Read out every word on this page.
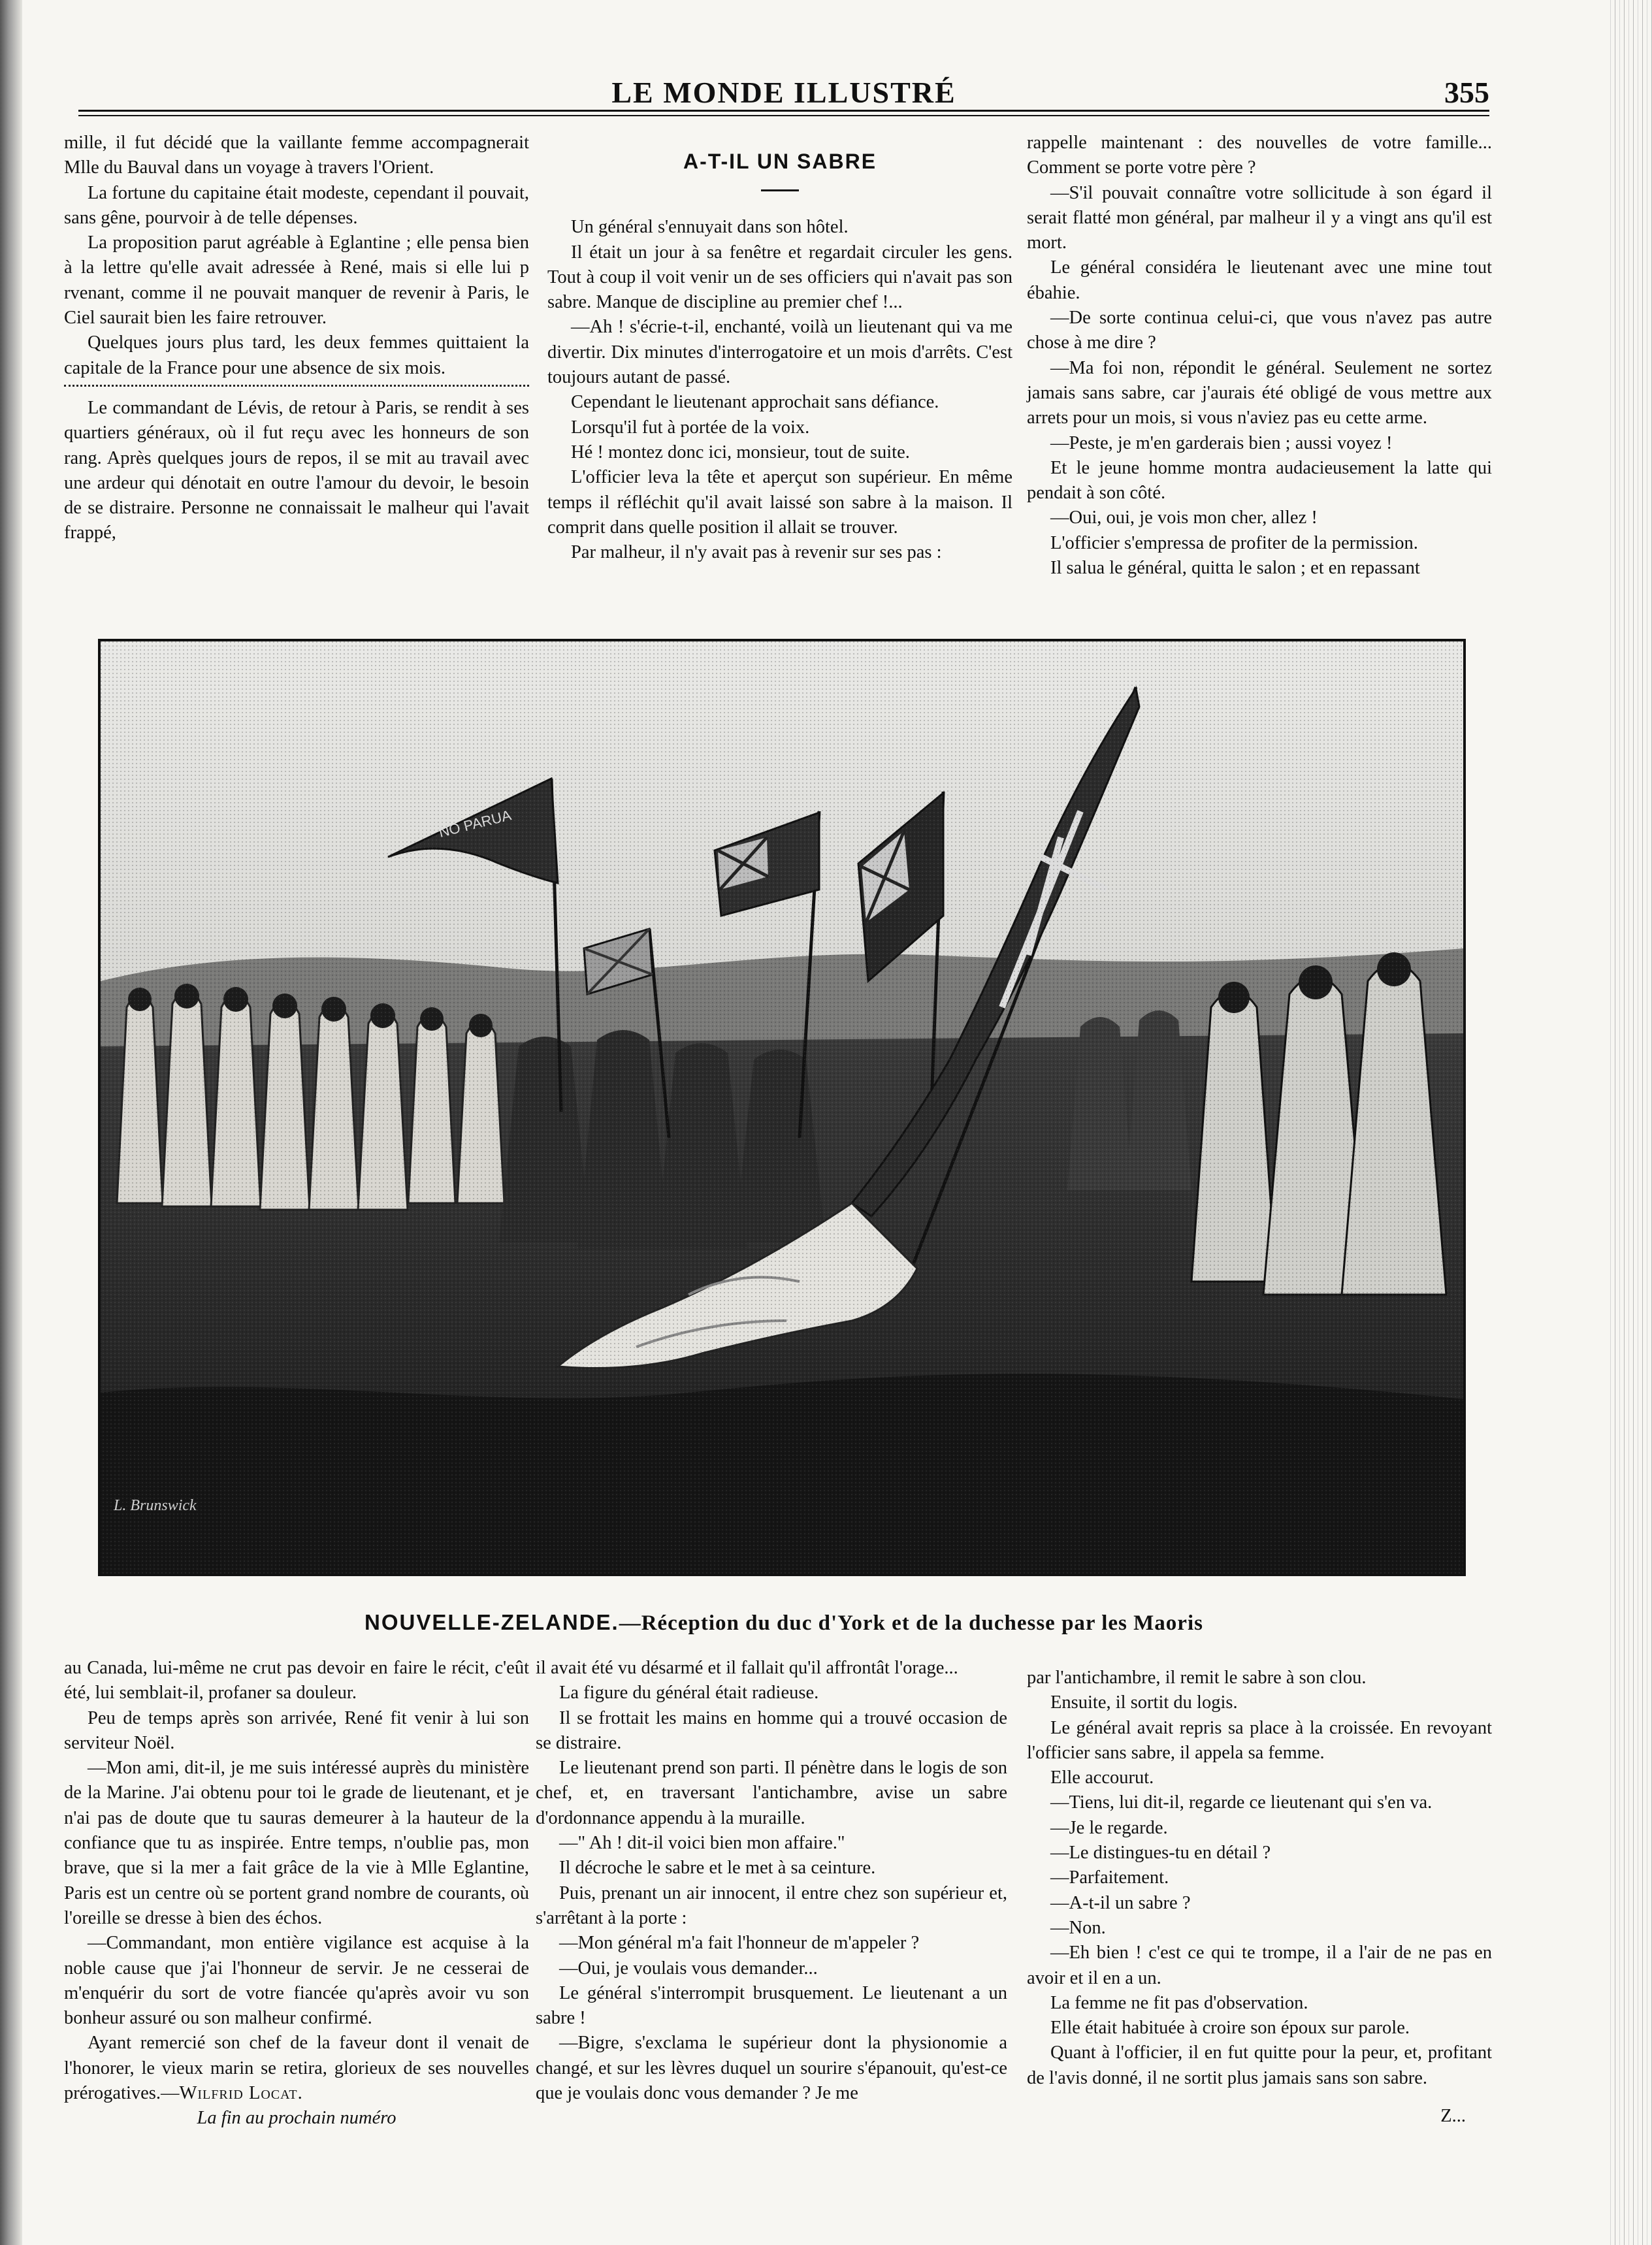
LE MONDE ILLUSTRÉ	355

mille, il fut décidé que la vaillante femme accompagnerait Mlle du Bauval dans un voyage à travers l'Orient.

La fortune du capitaine était modeste, cependant il pouvait, sans gêne, pourvoir à de telle dépenses.

La proposition parut agréable à Eglantine ; elle pensa bien à la lettre qu'elle avait adressée à René, mais si elle lui p rvenant, comme il ne pouvait manquer de revenir à Paris, le Ciel saurait bien les faire retrouver.

Quelques jours plus tard, les deux femmes quittaient la capitale de la France pour une absence de six mois.

Le commandant de Lévis, de retour à Paris, se rendit à ses quartiers généraux, où il fut reçu avec les honneurs de son rang. Après quelques jours de repos, il se mit au travail avec une ardeur qui dénotait en outre l'amour du devoir, le besoin de se distraire. Personne ne connaissait le malheur qui l'avait frappé,

A-T-IL UN SABRE

Un général s'ennuyait dans son hôtel.

Il était un jour à sa fenêtre et regardait circuler les gens. Tout à coup il voit venir un de ses officiers qui n'avait pas son sabre. Manque de discipline au premier chef !...

—Ah ! s'écrie-t-il, enchanté, voilà un lieutenant qui va me divertir. Dix minutes d'interrogatoire et un mois d'arrêts. C'est toujours autant de passé.

Cependant le lieutenant approchait sans défiance.

Lorsqu'il fut à portée de la voix.

Hé ! montez donc ici, monsieur, tout de suite.

L'officier leva la tête et aperçut son supérieur. En même temps il réfléchit qu'il avait laissé son sabre à la maison. Il comprit dans quelle position il allait se trouver.

Par malheur, il n'y avait pas à revenir sur ses pas :

rappelle maintenant : des nouvelles de votre famille... Comment se porte votre père ?

—S'il pouvait connaître votre sollicitude à son égard il serait flatté mon général, par malheur il y a vingt ans qu'il est mort.

Le général considéra le lieutenant avec une mine tout ébahie.

—De sorte continua celui-ci, que vous n'avez pas autre chose à me dire ?

—Ma foi non, répondit le général. Seulement ne sortez jamais sans sabre, car j'aurais été obligé de vous mettre aux arrets pour un mois, si vous n'aviez pas eu cette arme.

—Peste, je m'en garderais bien ; aussi voyez !

Et le jeune homme montra audacieusement la latte qui pendait à son côté.

—Oui, oui, je vois mon cher, allez !

L'officier s'empressa de profiter de la permission.

Il salua le général, quitta le salon ; et en repassant

L. Brunswick
NOUVELLE-ZELANDE.—Réception du duc d'York et de la duchesse par les Maoris

au Canada, lui-même ne crut pas devoir en faire le récit, c'eût été, lui semblait-il, profaner sa douleur.

Peu de temps après son arrivée, René fit venir à lui son serviteur Noël.

—Mon ami, dit-il, je me suis intéressé auprès du ministère de la Marine. J'ai obtenu pour toi le grade de lieutenant, et je n'ai pas de doute que tu sauras demeurer à la hauteur de la confiance que tu as inspirée. Entre temps, n'oublie pas, mon brave, que si la mer a fait grâce de la vie à Mlle Eglantine, Paris est un centre où se portent grand nombre de courants, où l'oreille se dresse à bien des échos.

—Commandant, mon entière vigilance est acquise à la noble cause que j'ai l'honneur de servir. Je ne cesserai de m'enquérir du sort de votre fiancée qu'après avoir vu son bonheur assuré ou son malheur confirmé.

Ayant remercié son chef de la faveur dont il venait de l'honorer, le vieux marin se retira, glorieux de ses nouvelles prérogatives.—Wilfrid Locat.

La fin au prochain numéro

il avait été vu désarmé et il fallait qu'il affrontât l'orage...

La figure du général était radieuse.

Il se frottait les mains en homme qui a trouvé occasion de se distraire.

Le lieutenant prend son parti. Il pénètre dans le logis de son chef, et, en traversant l'antichambre, avise un sabre d'ordonnance appendu à la muraille.

—" Ah ! dit-il voici bien mon affaire."

Il décroche le sabre et le met à sa ceinture.

Puis, prenant un air innocent, il entre chez son supérieur et, s'arrêtant à la porte :

—Mon général m'a fait l'honneur de m'appeler ?

—Oui, je voulais vous demander...

Le général s'interrompit brusquement. Le lieutenant a un sabre !

—Bigre, s'exclama le supérieur dont la physionomie a changé, et sur les lèvres duquel un sourire s'épanouit, qu'est-ce que je voulais donc vous demander ? Je me

par l'antichambre, il remit le sabre à son clou.

Ensuite, il sortit du logis.

Le général avait repris sa place à la croissée. En revoyant l'officier sans sabre, il appela sa femme.

Elle accourut.

—Tiens, lui dit-il, regarde ce lieutenant qui s'en va.

—Je le regarde.

—Le distingues-tu en détail ?

—Parfaitement.

—A-t-il un sabre ?

—Non.

—Eh bien ! c'est ce qui te trompe, il a l'air de ne pas en avoir et il en a un.

La femme ne fit pas d'observation.

Elle était habituée à croire son époux sur parole.

Quant à l'officier, il en fut quitte pour la peur, et, profitant de l'avis donné, il ne sortit plus jamais sans son sabre.

Z...
